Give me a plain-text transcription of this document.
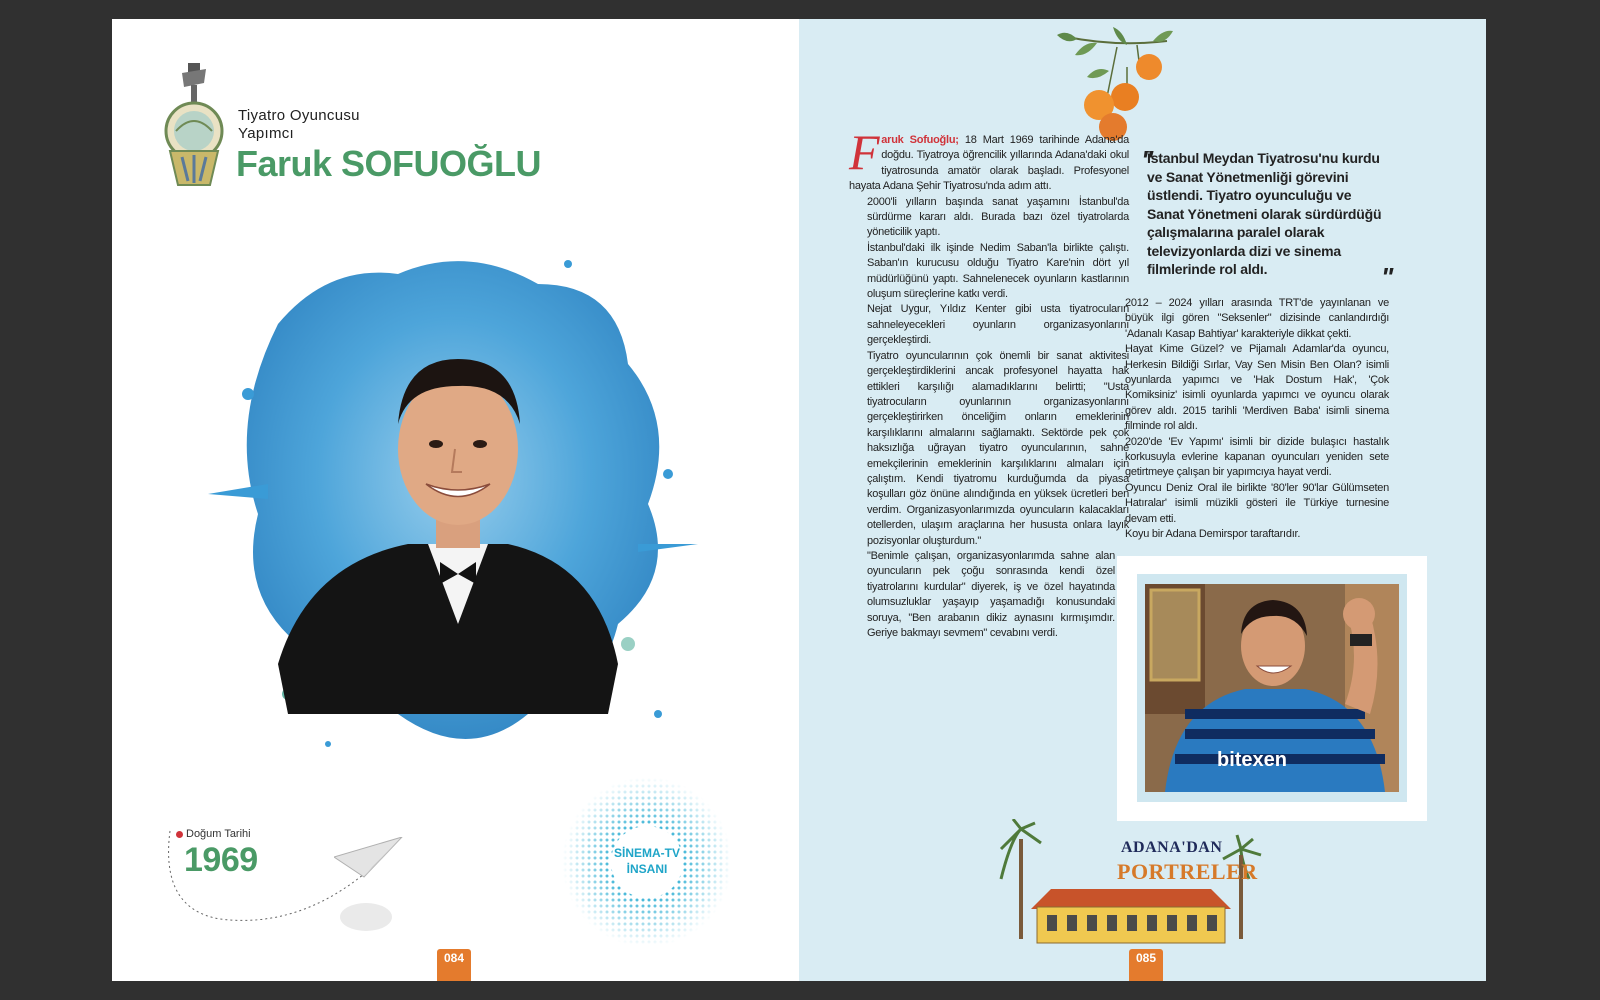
Tiyatro Oyuncusu
Yapımcı
Faruk SOFUOĞLU
Doğum Tarihi
1969	SİNEMA-TV
İNSANI
084

Faruk Sofuoğlu; 18 Mart 1969 tarihinde Adana'da doğdu. Tiyatroya öğrencilik yıllarında Adana'daki okul tiyatrosunda amatör olarak başladı. Profesyonel hayata Adana Şehir Tiyatrosu'nda adım attı.

2000'li yılların başında sanat yaşamını İstanbul'da sürdürme kararı aldı. Burada bazı özel tiyatrolarda yöneticilik yaptı.

İstanbul'daki ilk işinde Nedim Saban'la birlikte çalıştı. Saban'ın kurucusu olduğu Tiyatro Kare'nin dört yıl müdürlüğünü yaptı. Sahnelenecek oyunların kastlarının oluşum süreçlerine katkı verdi.

Nejat Uygur, Yıldız Kenter gibi usta tiyatrocuların sahneleyecekleri oyunların organizasyonlarını gerçekleştirdi.

Tiyatro oyuncularının çok önemli bir sanat aktivitesi gerçekleştirdiklerini ancak profesyonel hayatta hak ettikleri karşılığı alamadıklarını belirtti; "Usta tiyatrocuların oyunlarının organizasyonlarını gerçekleştirirken önceliğim onların emeklerinin karşılıklarını almalarını sağlamaktı. Sektörde pek çok haksızlığa uğrayan tiyatro oyuncularının, sahne emekçilerinin emeklerinin karşılıklarını almaları için çalıştım. Kendi tiyatromu kurduğumda da piyasa koşulları göz önüne alındığında en yüksek ücretleri ben verdim. Organizasyonlarımızda oyuncuların kalacakları otellerden, ulaşım araçlarına her hususta onlara layık pozisyonlar oluşturdum."

"Benimle çalışan, organizasyonlarımda sahne alan oyuncuların pek çoğu sonrasında kendi özel tiyatrolarını kurdular" diyerek, iş ve özel hayatında olumsuzluklar yaşayıp yaşamadığı konusundaki soruya, "Ben arabanın dikiz aynasını kırmışımdır. Geriye bakmayı sevmem" cevabını verdi.

"
İstanbul Meydan Tiyatrosu'nu kurdu ve Sanat Yönetmenliği görevini üstlendi. Tiyatro oyunculuğu ve Sanat Yönetmeni olarak sürdürdüğü çalışmalarına paralel olarak televizyonlarda dizi ve sinema filmlerinde rol aldı.	"

2012 – 2024 yılları arasında TRT'de yayınlanan ve büyük ilgi gören "Seksenler" dizisinde canlandırdığı 'Adanalı Kasap Bahtiyar' karakteriyle dikkat çekti.

Hayat Kime Güzel? ve Pijamalı Adamlar'da oyuncu, Herkesin Bildiği Sırlar, Vay Sen Misin Ben Olan? isimli oyunlarda yapımcı ve 'Hak Dostum Hak', 'Çok Komiksiniz' isimli oyunlarda yapımcı ve oyuncu olarak görev aldı. 2015 tarihli 'Merdiven Baba' isimli sinema filminde rol aldı.

2020'de 'Ev Yapımı' isimli bir dizide bulaşıcı hastalık korkusuyla evlerine kapanan oyuncuları yeniden sete getirtmeye çalışan bir yapımcıya hayat verdi.

Oyuncu Deniz Oral ile birlikte '80'ler 90'lar Gülümseten Hatıralar' isimli müzikli gösteri ile Türkiye turnesine devam etti.

Koyu bir Adana Demirspor taraftarıdır.

bitexen
ADANA'DAN
PORTRELER
085
